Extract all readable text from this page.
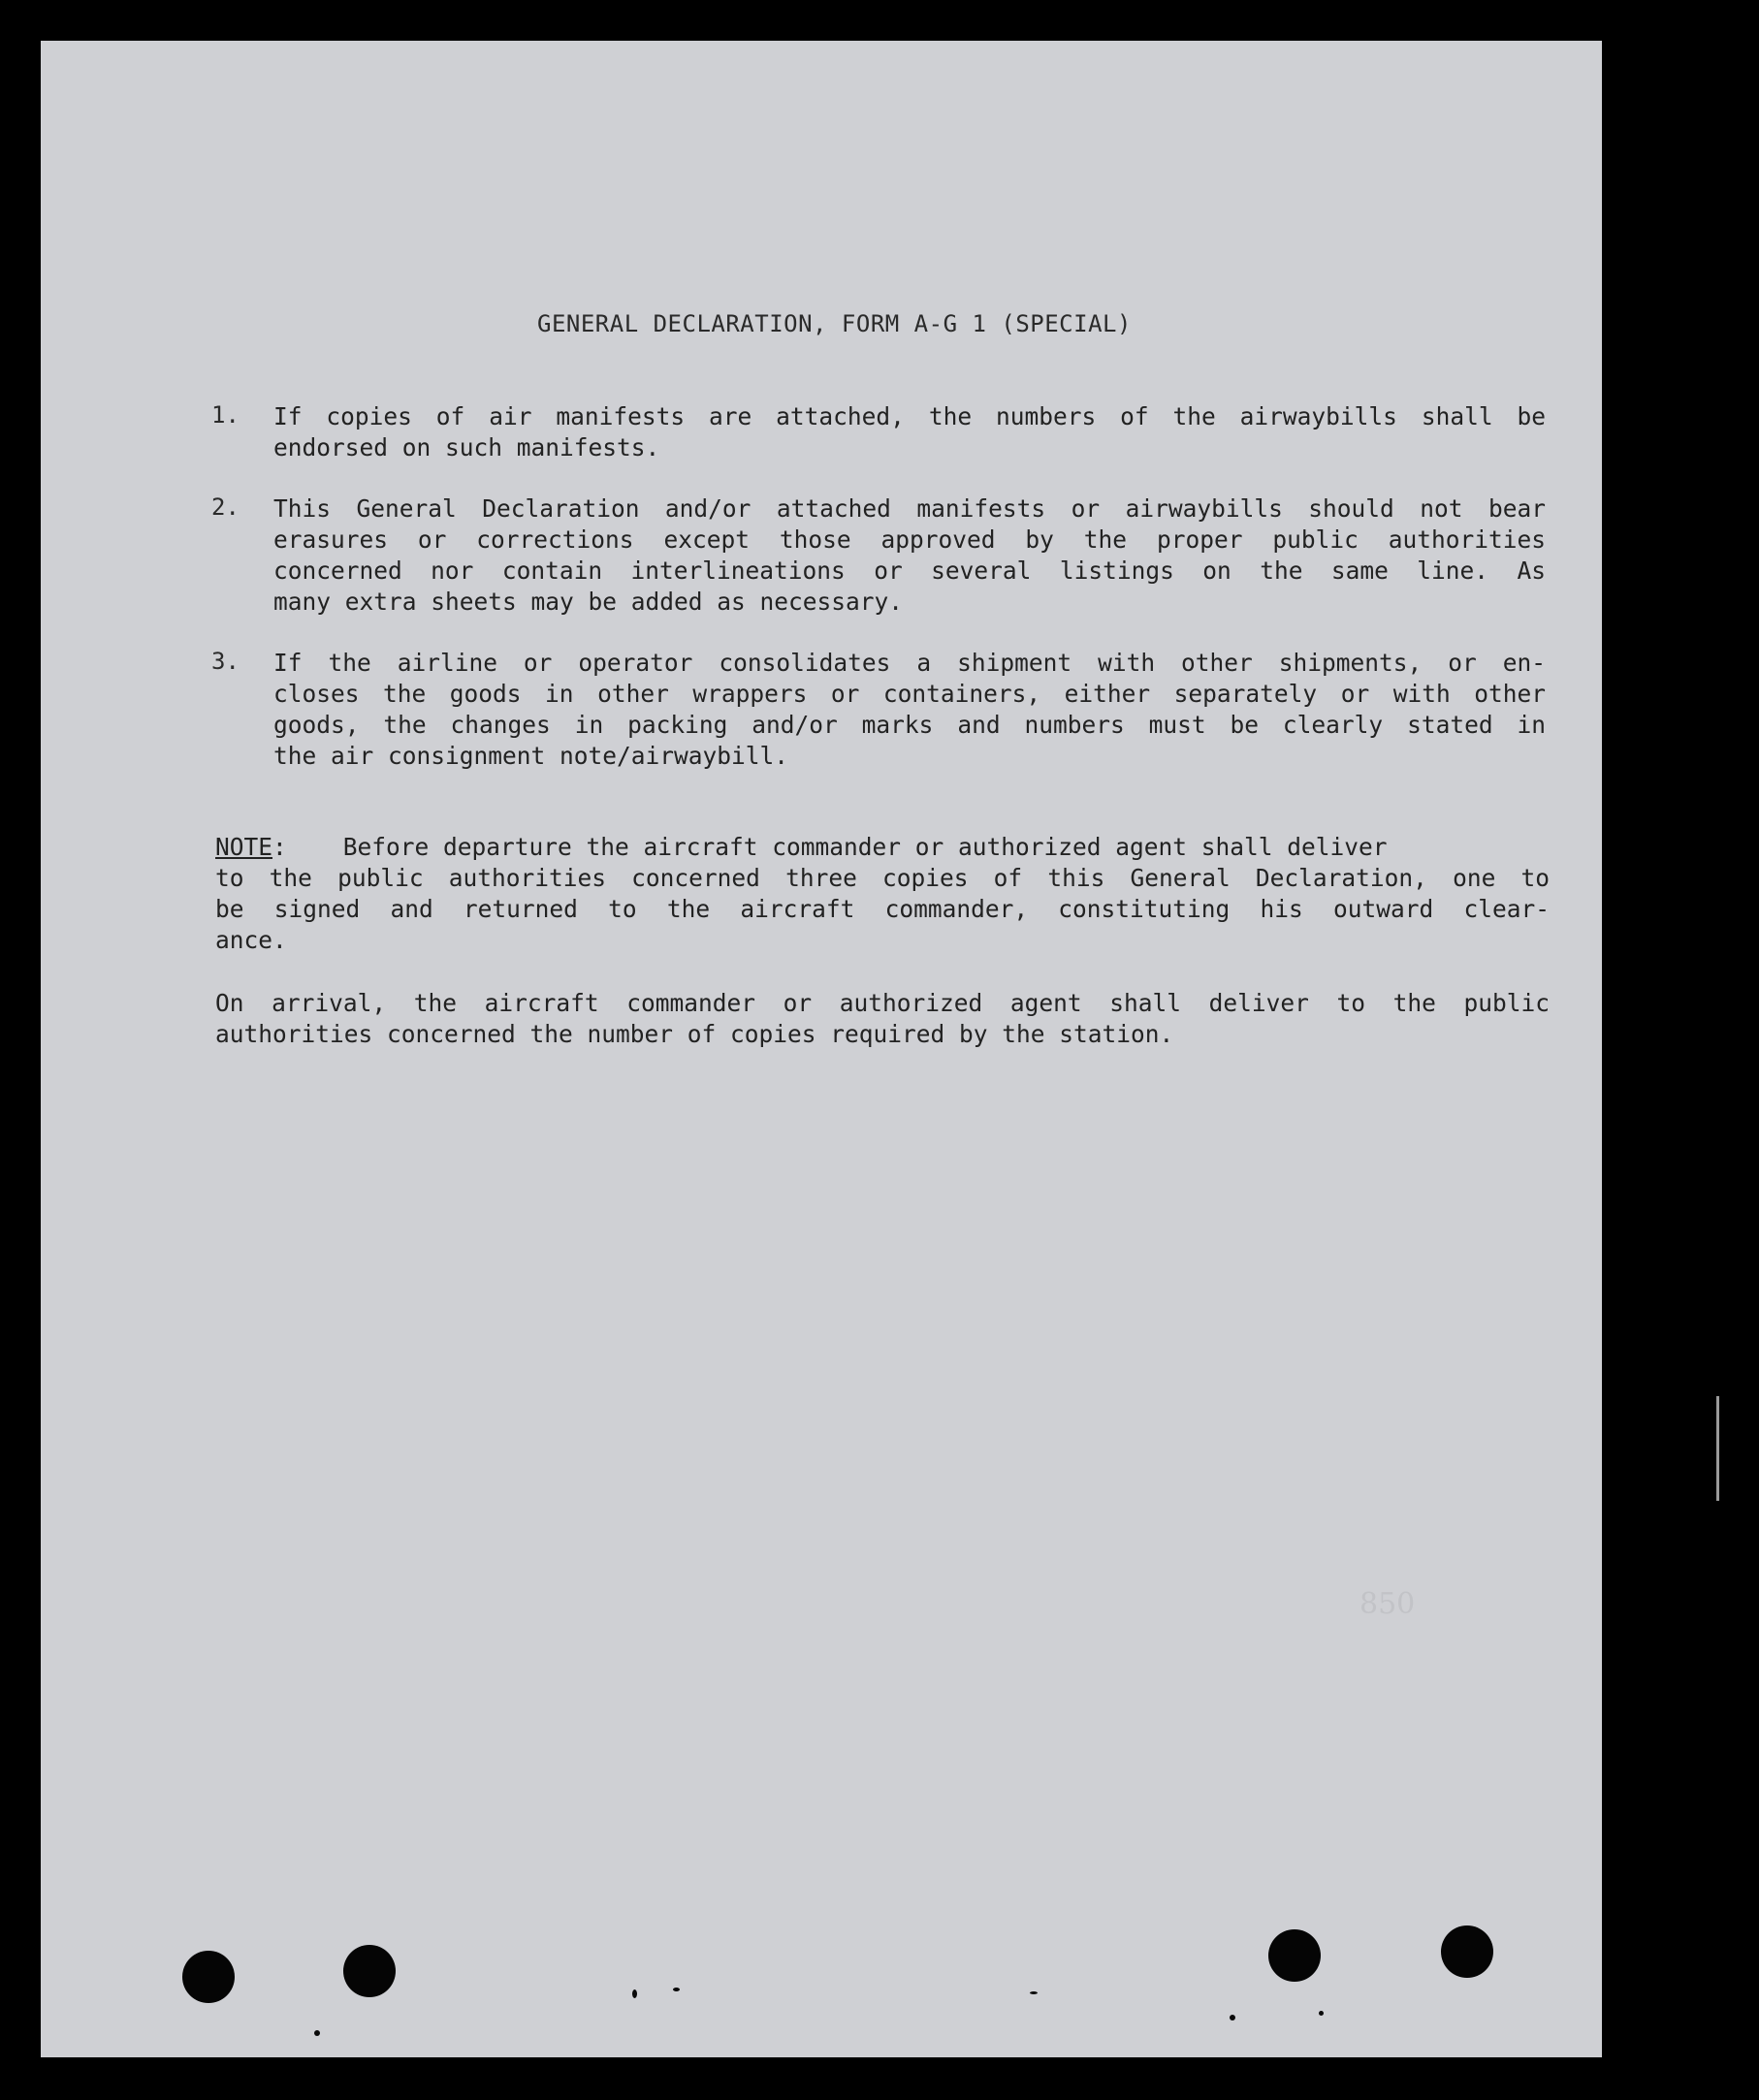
GENERAL DECLARATION, FORM A-G 1 (SPECIAL)
1. If copies of air manifests are attached, the numbers of the airwaybills shall be
endorsed on such manifests.
2. This General Declaration and/or attached manifests or airwaybills should not bear
erasures or corrections except those approved by the proper public authorities
concerned nor contain interlineations or several listings on the same line. As
many extra sheets may be added as necessary.
3. If the airline or operator consolidates a shipment with other shipments, or en-
closes the goods in other wrappers or containers, either separately or with other
goods, the changes in packing and/or marks and numbers must be clearly stated in
the air consignment note/airwaybill.
NOTE: Before departure the aircraft commander or authorized agent shall deliver
to the public authorities concerned three copies of this General Declaration, one to
be signed and returned to the aircraft commander, constituting his outward clear-
ance.
On arrival, the aircraft commander or authorized agent shall deliver to the public
authorities concerned the number of copies required by the station.
850
